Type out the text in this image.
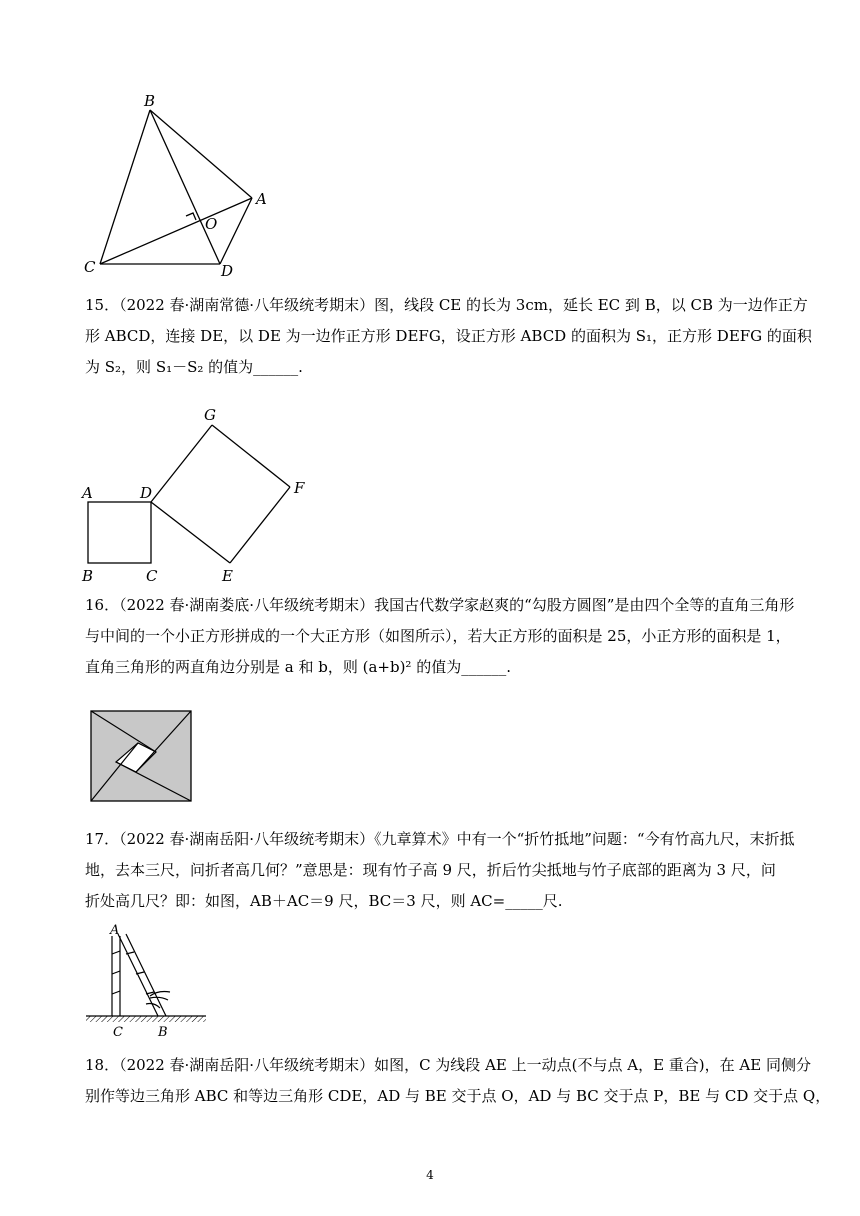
B
A
O
C	D
15．（2022 春·湖南常德·八年级统考期末）图，线段 CE 的长为 3cm，延长 EC 到 B，以 CB 为一边作正方
形 ABCD，连接 DE，以 DE 为一边作正方形 DEFG，设正方形 ABCD 的面积为 S₁，正方形 DEFG 的面积
为 S₂，则 S₁－S₂ 的值为______.
G
F
A	D
B	C	E
16．（2022 春·湖南娄底·八年级统考期末）我国古代数学家赵爽的“勾股方圆图”是由四个全等的直角三角形
与中间的一个小正方形拼成的一个大正方形（如图所示），若大正方形的面积是 25，小正方形的面积是 1，
直角三角形的两直角边分别是 a 和 b，则 (a+b)² 的值为______.
17．（2022 春·湖南岳阳·八年级统考期末）《九章算术》中有一个“折竹抵地”问题：“今有竹高九尺，末折抵
地，去本三尺，问折者高几何？”意思是：现有竹子高 9 尺，折后竹尖抵地与竹子底部的距离为 3 尺，问
折处高几尺？即：如图，AB＋AC＝9 尺，BC＝3 尺，则 AC=_____尺.
A
C	B
18．（2022 春·湖南岳阳·八年级统考期末）如图，C 为线段 AE 上一动点(不与点 A，E 重合)，在 AE 同侧分
别作等边三角形 ABC 和等边三角形 CDE，AD 与 BE 交于点 O，AD 与 BC 交于点 P，BE 与 CD 交于点 Q，
4
